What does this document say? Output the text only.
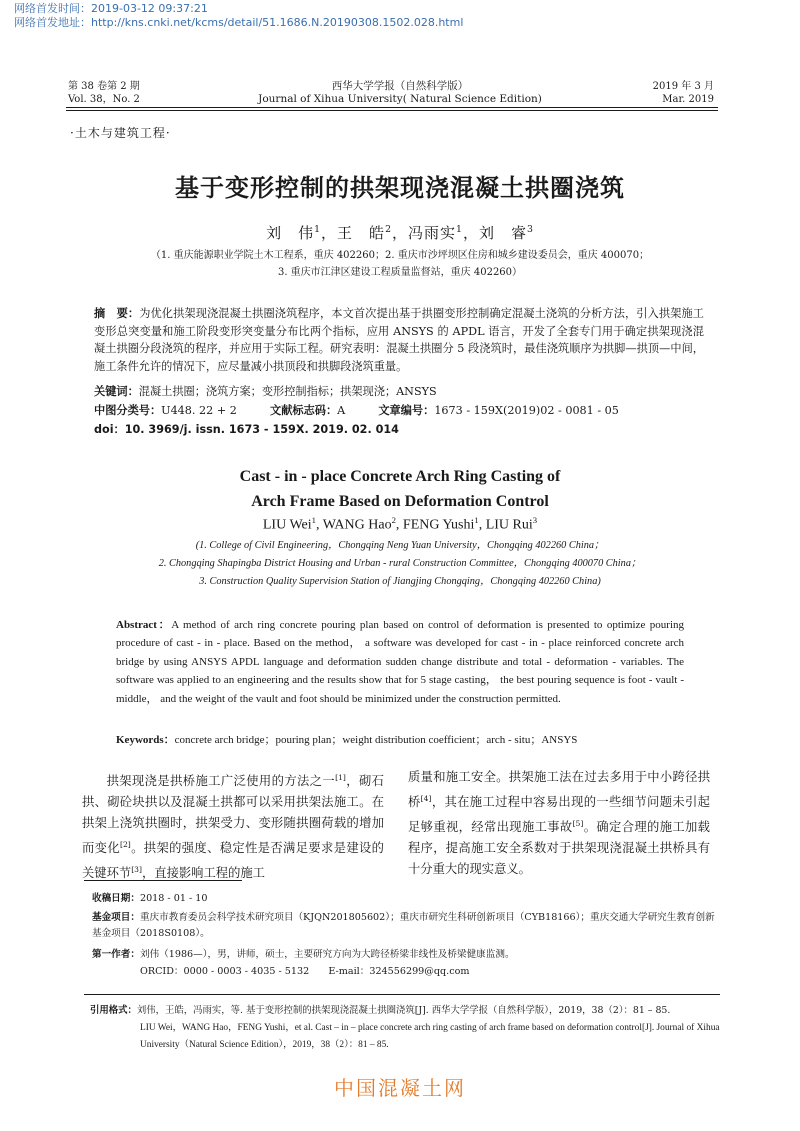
网络首发时间：2019-03-12 09:37:21
网络首发地址：http://kns.cnki.net/kcms/detail/51.1686.N.20190308.1502.028.html
第 38 卷第 2 期
Vol. 38，No. 2
西华大学学报（自然科学版）
Journal of Xihua University( Natural Science Edition)
2019 年 3 月
Mar. 2019
·土木与建筑工程·
基于变形控制的拱架现浇混凝土拱圈浇筑
刘　伟$^1$，王　皓$^2$，冯雨实$^1$，刘　睿$^3$
（1. 重庆能源职业学院土木工程系，重庆 402260；2. 重庆市沙坪坝区住房和城乡建设委员会，重庆 400070；
3. 重庆市江津区建设工程质量监督站，重庆 402260）
摘　要：为优化拱架现浇混凝土拱圈浇筑程序，本文首次提出基于拱圈变形控制确定混凝土浇筑的分析方法，引入拱架施工变形总突变量和施工阶段变形突变量分布比两个指标，应用 ANSYS 的 APDL 语言，开发了全套专门用于确定拱架现浇混凝土拱圈分段浇筑的程序，并应用于实际工程。研究表明：混凝土拱圈分 5 段浇筑时，最佳浇筑顺序为拱脚—拱顶—中间，施工条件允许的情况下，应尽量减小拱顶段和拱脚段浇筑重量。
关键词：混凝土拱圈；浇筑方案；变形控制指标；拱架现浇；ANSYS
中图分类号：U448. 22 + 2	文献标志码：A	文章编号：1673 - 159X(2019)02 - 0081 - 05
doi：10. 3969/j. issn. 1673 - 159X. 2019. 02. 014
Cast - in - place Concrete Arch Ring Casting of
Arch Frame Based on Deformation Control
LIU Wei$^1$, WANG Hao$^2$, FENG Yushi$^1$, LIU Rui$^3$
(1. College of Civil Engineering，Chongqing Neng Yuan University，Chongqing 402260 China；
2. Chongqing Shapingba District Housing and Urban - rural Construction Committee，Chongqing 400070 China；
3. Construction Quality Supervision Station of Jiangjing Chongqing，Chongqing 402260 China)
Abstract：A method of arch ring concrete pouring plan based on control of deformation is presented to optimize pouring procedure of cast - in - place. Based on the method， a software was developed for cast - in - place reinforced concrete arch bridge by using ANSYS APDL language and deformation sudden change distribute and total - deformation - variables. The software was applied to an engineering and the results show that for 5 stage casting， the best pouring sequence is foot - vault - middle， and the weight of the vault and foot should be minimized under the construction permitted.
Keywords：concrete arch bridge；pouring plan；weight distribution coefficient；arch - situ；ANSYS
拱架现浇是拱桥施工广泛使用的方法之一[1]，砌石拱、砌砼块拱以及混凝土拱都可以采用拱架法施工。在拱架上浇筑拱圈时，拱架受力、变形随拱圈荷载的增加而变化[2]。拱架的强度、稳定性是否满足要求是建设的关键环节[3]，直接影响工程的施工
质量和施工安全。拱架施工法在过去多用于中小跨径拱桥[4]，其在施工过程中容易出现的一些细节问题未引起足够重视，经常出现施工事故[5]。确定合理的施工加载程序，提高施工安全系数对于拱架现浇混凝土拱桥具有十分重大的现实意义。
收稿日期：2018 - 01 - 10
基金项目：重庆市教育委员会科学技术研究项目（KJQN201805602）；重庆市研究生科研创新项目（CYB18166）；重庆交通大学研究生教育创新基金项目（2018S0108）。
第一作者：刘伟（1986—），男，讲师，硕士，主要研究方向为大跨径桥梁非线性及桥梁健康监测。
ORCID：0000 - 0003 - 4035 - 5132　　E-mail：324556299@qq.com
引用格式：刘伟，王皓，冯雨实，等. 基于变形控制的拱架现浇混凝土拱圈浇筑[J]. 西华大学学报（自然科学版），2019，38（2）：81 – 85.
LIU Wei，WANG Hao，FENG Yushi，et al. Cast – in – place concrete arch ring casting of arch frame based on deformation control[J]. Journal of Xihua University（Natural Science Edition），2019，38（2）：81 – 85.
中国混凝土网
